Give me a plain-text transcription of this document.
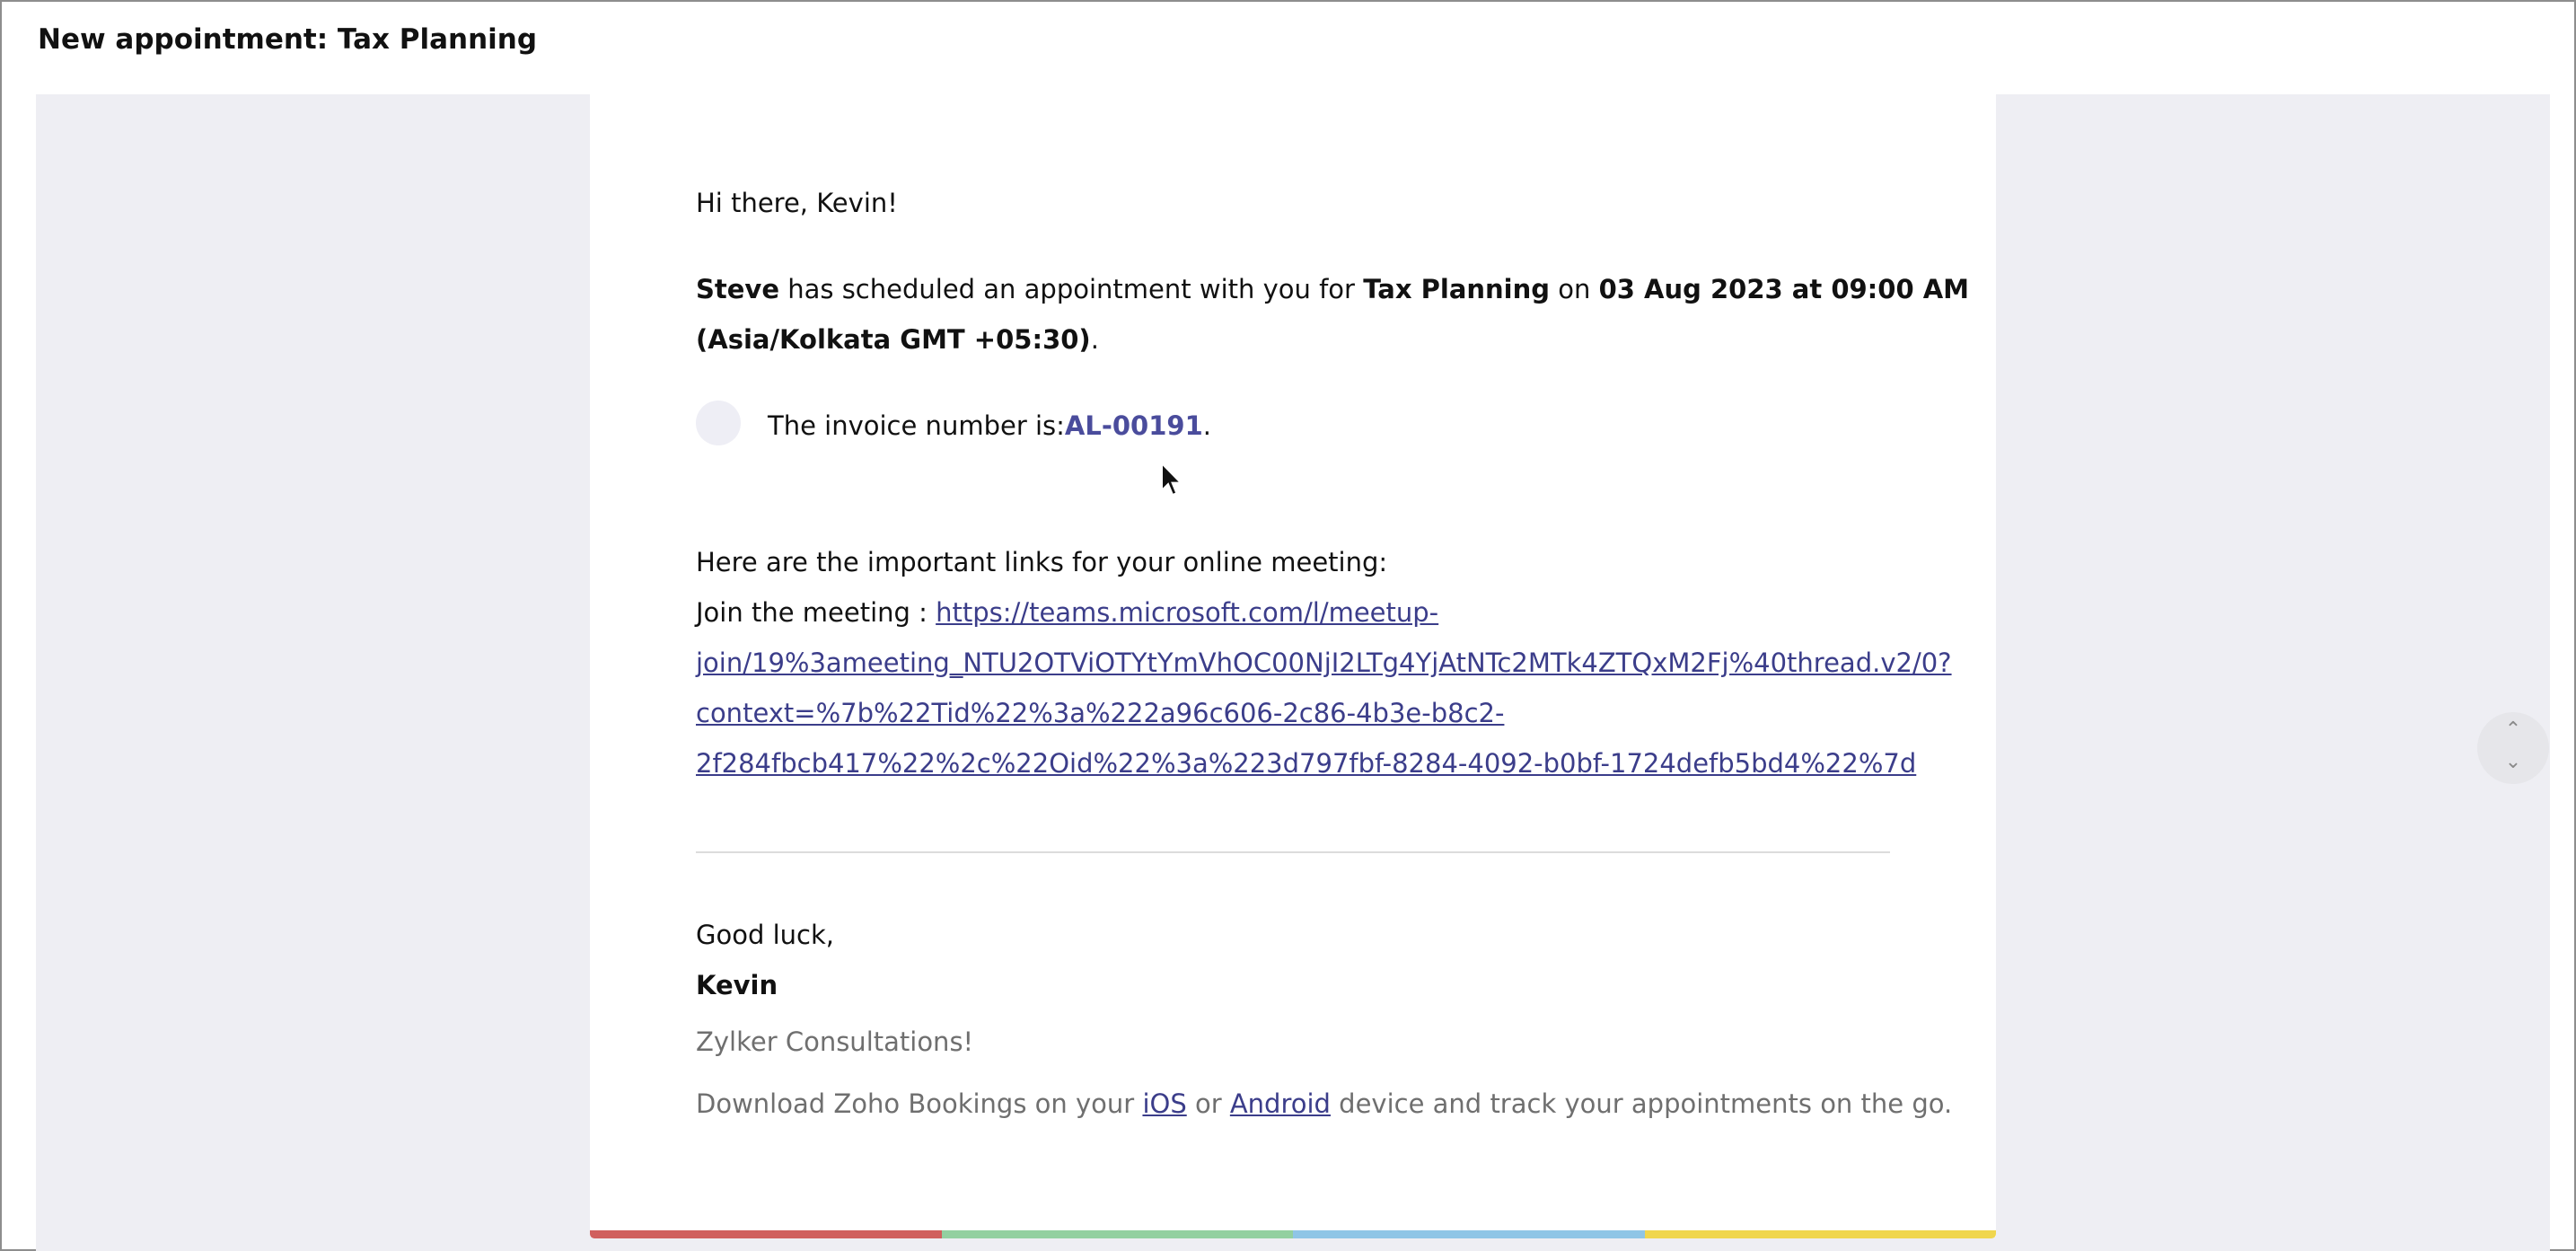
New appointment: Tax Planning
Hi there, Kevin!
Steve has scheduled an appointment with you for Tax Planning on 03 Aug 2023 at 09:00 AM
(Asia/Kolkata GMT +05:30).
The invoice number is:AL-00191.
Here are the important links for your online meeting:
Join the meeting : https://teams.microsoft.com/l/meetup-
join/19%3ameeting_NTU2OTViOTYtYmVhOC00NjI2LTg4YjAtNTc2MTk4ZTQxM2Fj%40thread.v2/0?
context=%7b%22Tid%22%3a%222a96c606-2c86-4b3e-b8c2-
2f284fbcb417%22%2c%22Oid%22%3a%223d797fbf-8284-4092-b0bf-1724defb5bd4%22%7d
Good luck,
Kevin
Zylker Consultations!
Download Zoho Bookings on your iOS or Android device and track your appointments on the go.
⌃
⌄
